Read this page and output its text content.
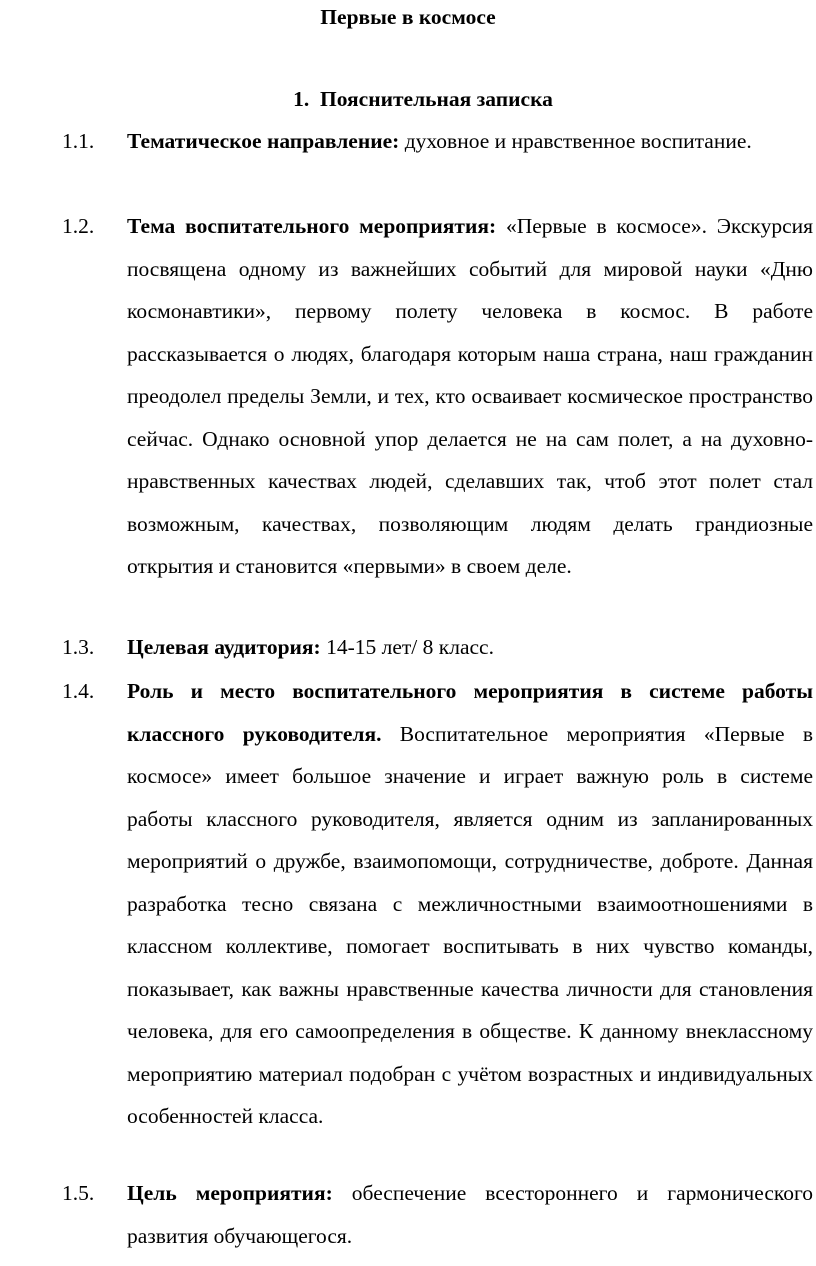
Первые в космосе
1. Пояснительная записка
1.1. Тематическое направление: духовное и нравственное воспитание.
1.2. Тема воспитательного мероприятия: «Первые в космосе». Экскурсия посвящена одному из важнейших событий для мировой науки «Дню космонавтики», первому полету человека в космос. В работе рассказывается о людях, благодаря которым наша страна, наш гражданин преодолел пределы Земли, и тех, кто осваивает космическое пространство сейчас. Однако основной упор делается не на сам полет, а на духовно-нравственных качествах людей, сделавших так, чтоб этот полет стал возможным, качествах, позволяющим людям делать грандиозные открытия и становится «первыми» в своем деле.
1.3. Целевая аудитория: 14-15 лет/ 8 класс.
1.4. Роль и место воспитательного мероприятия в системе работы классного руководителя. Воспитательное мероприятия «Первые в космосе» имеет большое значение и играет важную роль в системе работы классного руководителя, является одним из запланированных мероприятий о дружбе, взаимопомощи, сотрудничестве, доброте. Данная разработка тесно связана с межличностными взаимоотношениями в классном коллективе, помогает воспитывать в них чувство команды, показывает, как важны нравственные качества личности для становления человека, для его самоопределения в обществе. К данному внеклассному мероприятию материал подобран с учётом возрастных и индивидуальных особенностей класса.
1.5. Цель мероприятия: обеспечение всестороннего и гармонического развития обучающегося.
